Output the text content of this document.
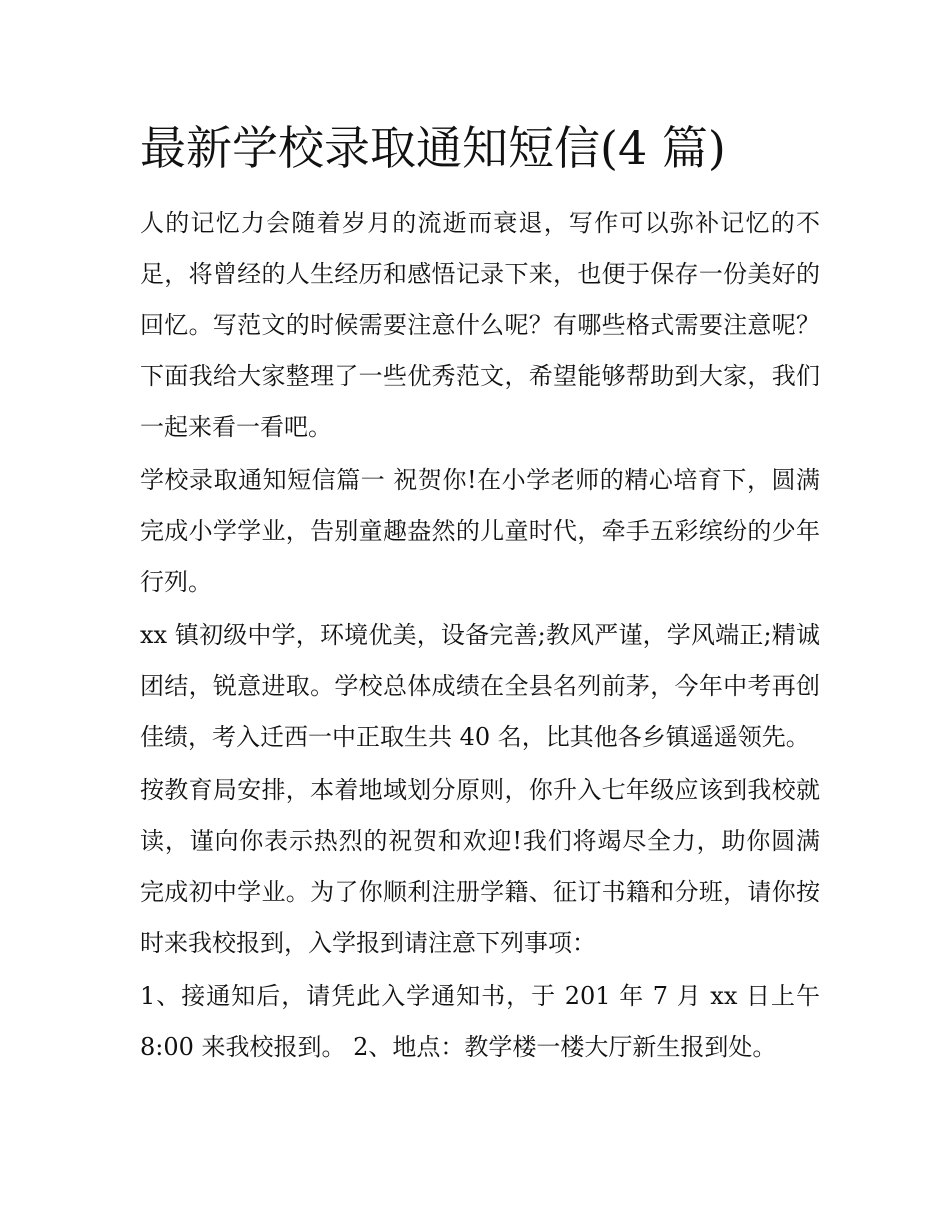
最新学校录取通知短信(4 篇)

人的记忆力会随着岁月的流逝而衰退，写作可以弥补记忆的不足，将曾经的人生经历和感悟记录下来，也便于保存一份美好的回忆。写范文的时候需要注意什么呢？有哪些格式需要注意呢？下面我给大家整理了一些优秀范文，希望能够帮助到大家，我们一起来看一看吧。

学校录取通知短信篇一 祝贺你!在小学老师的精心培育下，圆满完成小学学业，告别童趣盎然的儿童时代，牵手五彩缤纷的少年行列。

xx 镇初级中学，环境优美，设备完善;教风严谨，学风端正;精诚团结，锐意进取。学校总体成绩在全县名列前茅，今年中考再创佳绩，考入迁西一中正取生共 40 名，比其他各乡镇遥遥领先。

按教育局安排，本着地域划分原则，你升入七年级应该到我校就读，谨向你表示热烈的祝贺和欢迎!我们将竭尽全力，助你圆满完成初中学业。为了你顺利注册学籍、征订书籍和分班，请你按时来我校报到，入学报到请注意下列事项：

1、接通知后，请凭此入学通知书，于 201 年 7 月 xx 日上午 8:00 来我校报到。 2、地点：教学楼一楼大厅新生报到处。
